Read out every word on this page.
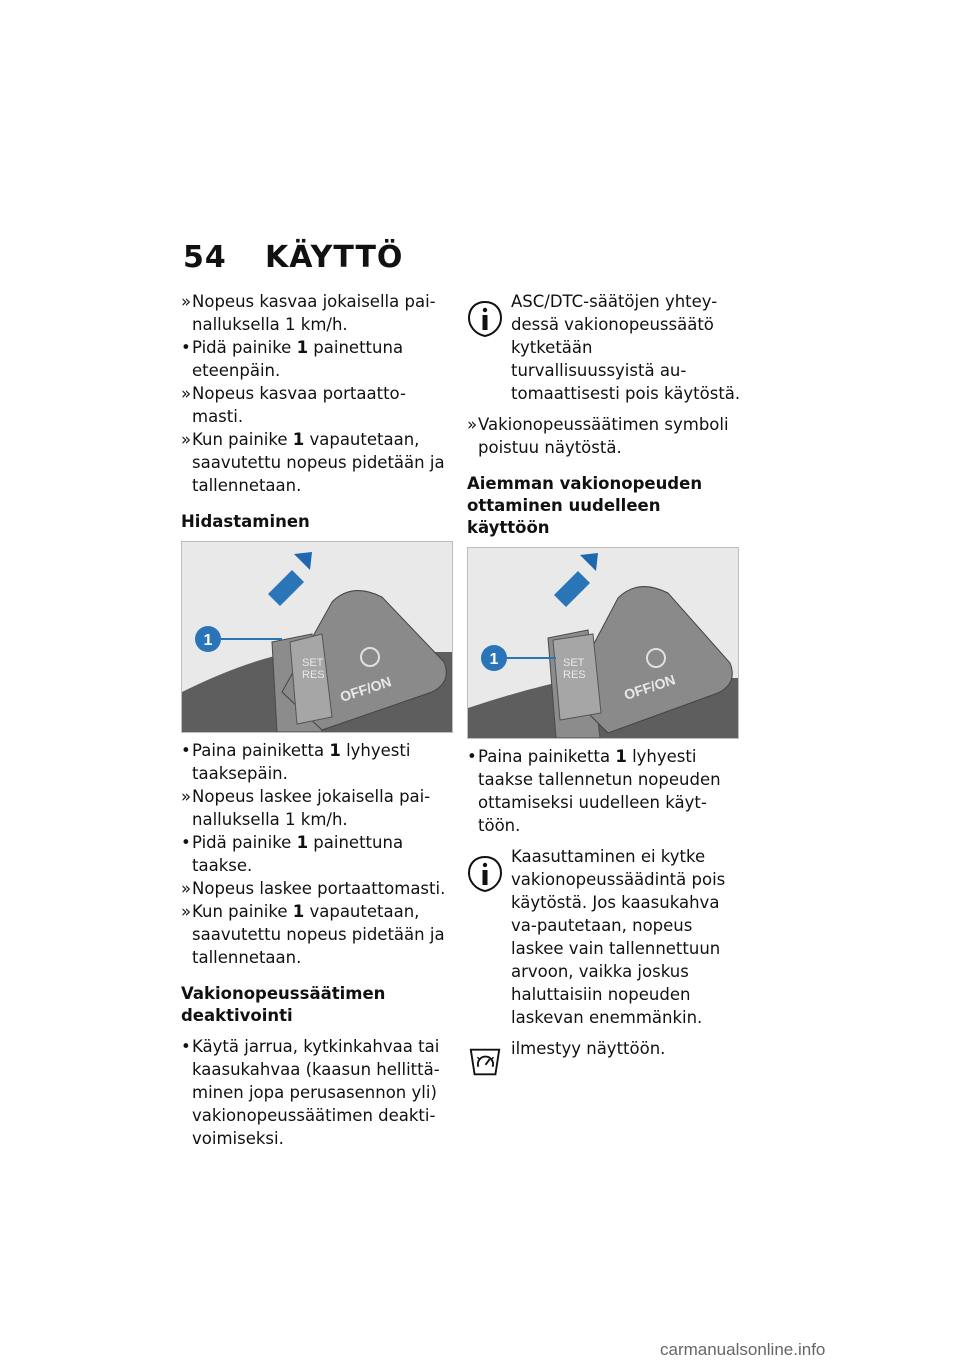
54 KÄYTTÖ
» Nopeus kasvaa jokaisella pai-nalluksella 1 km/h.
• Pidä painike 1 painettuna eteenpäin.
» Nopeus kasvaa portaatto-masti.
» Kun painike 1 vapautetaan, saavutettu nopeus pidetään ja tallennetaan.
Hidastaminen
1
SET
RES OFF/ON
• Paina painiketta 1 lyhyesti taaksepäin.
» Nopeus laskee jokaisella pai-nalluksella 1 km/h.
• Pidä painike 1 painettuna taakse.
» Nopeus laskee portaattomasti.
» Kun painike 1 vapautetaan, saavutettu nopeus pidetään ja tallennetaan.
Vakionopeussäätimen deaktivointi
• Käytä jarrua, kytkinkahvaa tai kaasukahvaa (kaasun hellittä-minen jopa perusasennon yli) vakionopeussäätimen deakti-voimiseksi.
ASC/DTC-säätöjen yhtey-dessä vakionopeussäätö kytketään turvallisuussyistä au-tomaattisesti pois käytöstä.
» Vakionopeussäätimen symboli poistuu näytöstä.
Aiemman vakionopeuden ottaminen uudelleen käyttöön
1	SET
RES	OFF/ON
• Paina painiketta 1 lyhyesti taakse tallennetun nopeuden ottamiseksi uudelleen käyt-töön.
Kaasuttaminen ei kytke vakionopeussäädintä pois käytöstä. Jos kaasukahva va-pautetaan, nopeus laskee vain tallennettuun arvoon, vaikka joskus haluttaisiin nopeuden laskevan enemmänkin.
ilmestyy näyttöön.
carmanualsonline.info
